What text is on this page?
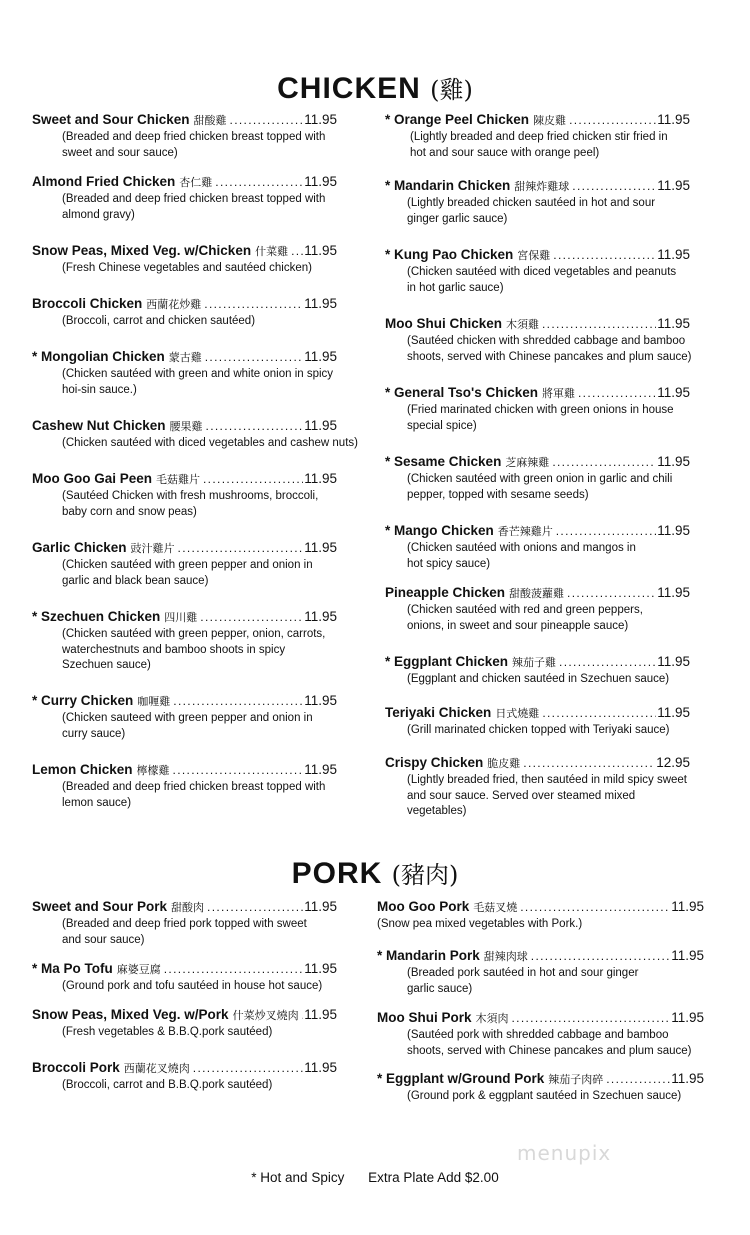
CHICKEN (雞)
Sweet and Sour Chicken 甜酸雞 . . .	11.95
(Breaded and deep fried chicken breast topped with sweet and sour sauce)
Almond Fried Chicken 杏仁雞 . . .	11.95
(Breaded and deep fried chicken breast topped with almond gravy)
Snow Peas, Mixed Veg. w/Chicken 什菜雞 . . . 11.95
(Fresh Chinese vegetables and sautéed chicken)
Broccoli Chicken 西蘭花炒雞 . . .	11.95
(Broccoli, carrot and chicken sautéed)
* Mongolian Chicken 蒙古雞 . . .	11.95
(Chicken sautéed with green and white onion in spicy hoi-sin sauce.)
Cashew Nut Chicken 腰果雞 . . .	11.95
(Chicken sautéed with diced vegetables and cashew nuts)
Moo Goo Gai Peen 毛菇雞片 . . .	11.95
(Sautéed Chicken with fresh mushrooms, broccoli, baby corn and snow peas)
Garlic Chicken 豉汁雞片 . . .	11.95
(Chicken sautéed with green pepper and onion in garlic and black bean sauce)
* Szechuen Chicken 四川雞 . . .	11.95
(Chicken sautéed with green pepper, onion, carrots, waterchestnuts and bamboo shoots in spicy Szechuen sauce)
* Curry Chicken 咖喱雞 . . .	11.95
(Chicken sauteed with green pepper and onion in curry sauce)
Lemon Chicken 檸檬雞 . . .	11.95
(Breaded and deep fried chicken breast topped with lemon sauce)
* Orange Peel Chicken 陳皮雞 . . .	11.95
(Lightly breaded and deep fried chicken stir fried in hot and sour sauce with orange peel)
* Mandarin Chicken 甜辣炸雞球 . . .	11.95
(Lightly breaded chicken sautéed in hot and sour ginger garlic sauce)
* Kung Pao Chicken 宮保雞 . . .	11.95
(Chicken sautéed with diced vegetables and peanuts in hot garlic sauce)
Moo Shui Chicken 木須雞 . . .	11.95
(Sautéed chicken with shredded cabbage and bamboo shoots, served with Chinese pancakes and plum sauce)
* General Tso's Chicken 將軍雞 . . .	11.95
(Fried marinated chicken with green onions in house special spice)
* Sesame Chicken 芝麻辣雞 . . .	11.95
(Chicken sautéed with green onion in garlic and chili pepper, topped with sesame seeds)
* Mango Chicken 香芒辣雞片 . . .	11.95
(Chicken sautéed with onions and mangos in hot spicy sauce)
Pineapple Chicken 甜酸菠蘿雞 . . .	11.95
(Chicken sautéed with red and green peppers, onions, in sweet and sour pineapple sauce)
* Eggplant Chicken 辣茄子雞 . . .	11.95
(Eggplant and chicken sautéed in Szechuen sauce)
Teriyaki Chicken 日式燒雞 . . .	11.95
(Grill marinated chicken topped with Teriyaki sauce)
Crispy Chicken 脆皮雞 . . .	12.95
(Lightly breaded fried, then sautéed in mild spicy sweet and sour sauce. Served over steamed mixed vegetables)
PORK (豬肉)
Sweet and Sour Pork 甜酸肉 . . .	11.95
(Breaded and deep fried pork topped with sweet and sour sauce)
* Ma Po Tofu 麻婆豆腐 . . .	11.95
(Ground pork and tofu sautéed in house hot sauce)
Snow Peas, Mixed Veg. w/Pork 什菜炒叉燒肉 . . . 11.95
(Fresh vegetables & B.B.Q.pork sautéed)
Broccoli Pork 西蘭花叉燒肉 . . .	11.95
(Broccoli, carrot and B.B.Q.pork sautéed)
Moo Goo Pork 毛菇叉燒 . . .	11.95
(Snow pea mixed vegetables with Pork.)
* Mandarin Pork 甜辣肉球 . . .	11.95
(Breaded pork sautéed in hot and sour ginger garlic sauce)
Moo Shui Pork 木須肉 . . .	11.95
(Sautéed pork with shredded cabbage and bamboo shoots, served with Chinese pancakes and plum sauce)
* Eggplant w/Ground Pork 辣茄子肉碎 . . .	11.95
(Ground pork & eggplant sautéed in Szechuen sauce)
menupix
* Hot and Spicy Extra Plate Add $2.00
